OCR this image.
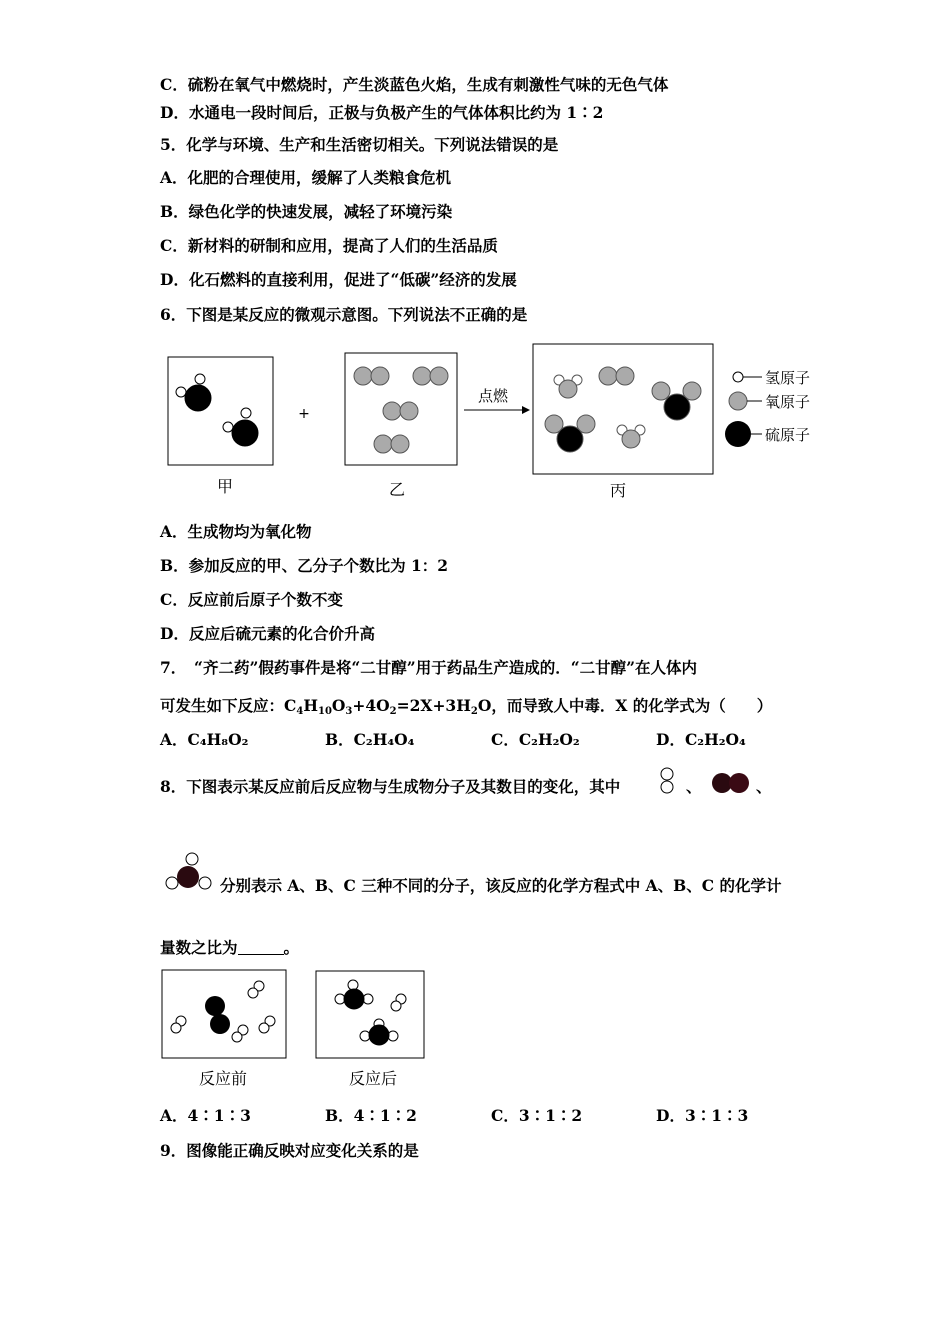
C．硫粉在氧气中燃烧时，产生淡蓝色火焰，生成有刺激性气味的无色气体
D．水通电一段时间后，正极与负极产生的气体体积比约为 1∶2
5．化学与环境、生产和生活密切相关。下列说法错误的是
A．化肥的合理使用，缓解了人类粮食危机
B．绿色化学的快速发展，减轻了环境污染
C．新材料的研制和应用，提高了人们的生活品质
D．化石燃料的直接利用，促进了“低碳”经济的发展
6．下图是某反应的微观示意图。下列说法不正确的是
+
点燃
氢原子
氧原子
硫原子
甲	乙	丙
A．生成物均为氧化物
B．参加反应的甲、乙分子个数比为 1：2
C．反应前后原子个数不变
D．反应后硫元素的化合价升高
7．　“齐二药”假药事件是将“二甘醇”用于药品生产造成的．“二甘醇”在人体内
可发生如下反应：$C_4H_{10}O_3+4O_2=2X+3H_2O$，而导致人中毒．X 的化学式为（　　）
A．C₄H₈O₂	B．C₂H₄O₄	C．C₂H₂O₂	D．C₂H₂O₄
8．下图表示某反应前后反应物与生成物分子及其数目的变化，其中	、	、
分别表示 A、B、C 三种不同的分子，该反应的化学方程式中 A、B、C 的化学计
量数之比为	。
反应前	反应后
A．4∶1∶3	B．4∶1∶2	C．3∶1∶2	D．3∶1∶3
9．图像能正确反映对应变化关系的是
